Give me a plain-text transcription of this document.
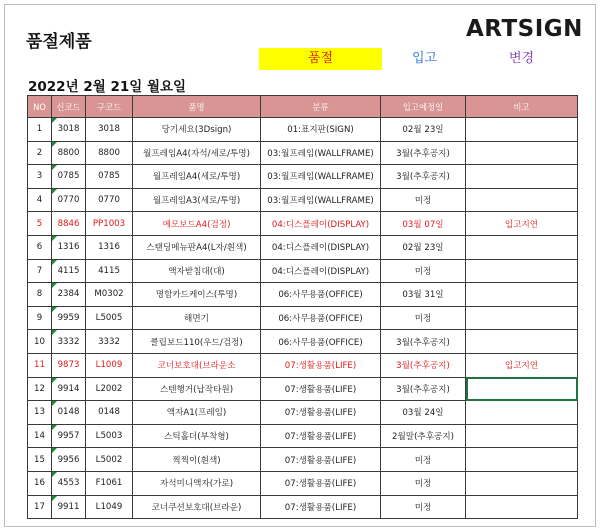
품절제품	ARTSIGN
품절	입고	변경
2022년 2월 21일 월요일
NO	신코드	구코드	품명	분류	입고예정일	비고
1	3018	3018	당기세요(3Dsign)	01:표지판(SIGN)	02월 23일	
2	8800	8800	월프레임A4(자석/세로/투명)	03:월프레임(WALLFRAME)	3월(추후공지)	
3	0785	0785	월프레임A4(세로/투명)	03:월프레임(WALLFRAME)	3월(추후공지)	
4	0770	0770	월프레임A3(세로/투명)	03:월프레임(WALLFRAME)	미정	
5	8846	PP1003	메모보드A4(검정)	04:디스플레이(DISPLAY)	03월 07일	입고지연
6	1316	1316	스탠딩메뉴판A4(L자/흰색)	04:디스플레이(DISPLAY)	02월 23일	
7	4115	4115	액자받침대(대)	04:디스플레이(DISPLAY)	미정	
8	2384	M0302	명함카드케이스(투명)	06:사무용품(OFFICE)	03월 31일	
9	9959	L5005	해면기	06:사무용품(OFFICE)	미정	
10	3332	3332	클립보드110(우드/검정)	06:사무용품(OFFICE)	3월(추후공지)	
11	9873	L1009	코너보호대(브라운소	07:생활용품(LIFE)	3월(추후공지)	입고지연
12	9914	L2002	스텐행거(납작타원)	07:생활용품(LIFE)	3월(추후공지)	
13	0148	0148	액자A1(프레임)	07:생활용품(LIFE)	03월 24일	
14	9957	L5003	스틱홀더(부착형)	07:생활용품(LIFE)	2월말(추후공지)	
15	9956	L5002	찍찍이(흰색)	07:생활용품(LIFE)	미정	
16	4553	F1061	자석미니액자(가로)	07:생활용품(LIFE)	미정	
17	9911	L1049	코너쿠션보호대(브라운)	07:생활용품(LIFE)	미정	
